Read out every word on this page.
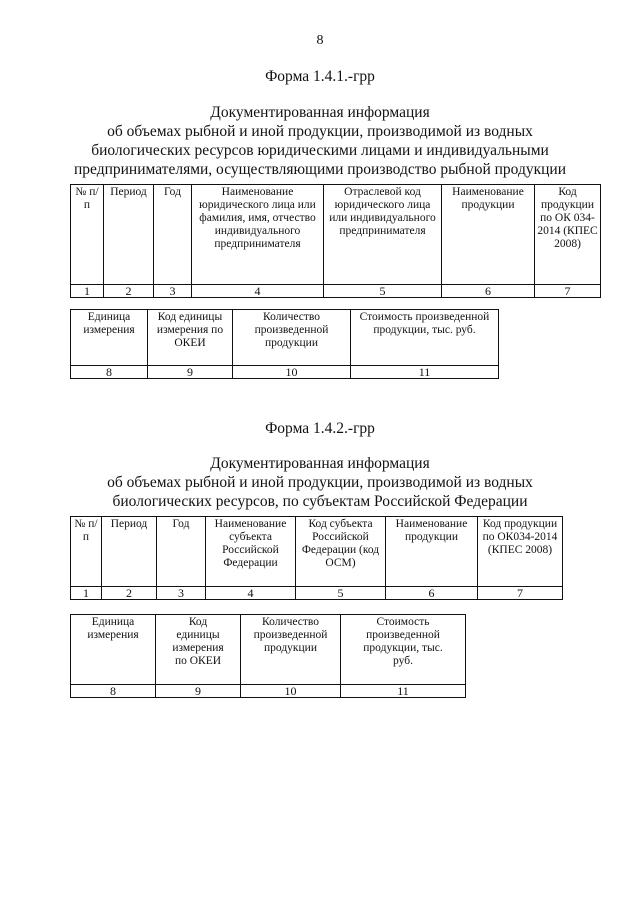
8
Форма 1.4.1.-грр
Документированная информация
об объемах рыбной и иной продукции, производимой из водных
биологических ресурсов юридическими лицами и индивидуальными
предпринимателями, осуществляющими производство рыбной продукции
№ п/п	Период	Год	Наименование юридического лица или фамилия, имя, отчество индивидуального предпринимателя	Отраслевой код юридического лица или индивидуального предпринимателя	Наименование продукции	Код продукции по ОК 034-2014 (КПЕС 2008)
1	2	3	4	5	6	7
Единица измерения	Код единицы измерения по ОКЕИ	Количество произведенной продукции	Стоимость произведенной продукции, тыс. руб.
8	9	10	11
Форма 1.4.2.-грр
Документированная информация
об объемах рыбной и иной продукции, производимой из водных
биологических ресурсов, по субъектам Российской Федерации
№ п/п	Период	Год	Наименование субъекта Российской Федерации	Код субъекта Российской Федерации (код ОСМ)	Наименование продукции	Код продукции по ОК034-2014 (КПЕС 2008)
1	2	3	4	5	6	7
Единица измерения	Код единицы измерения по ОКЕИ	Количество произведенной продукции	Стоимость произведенной продукции, тыс. руб.
8	9	10	11
